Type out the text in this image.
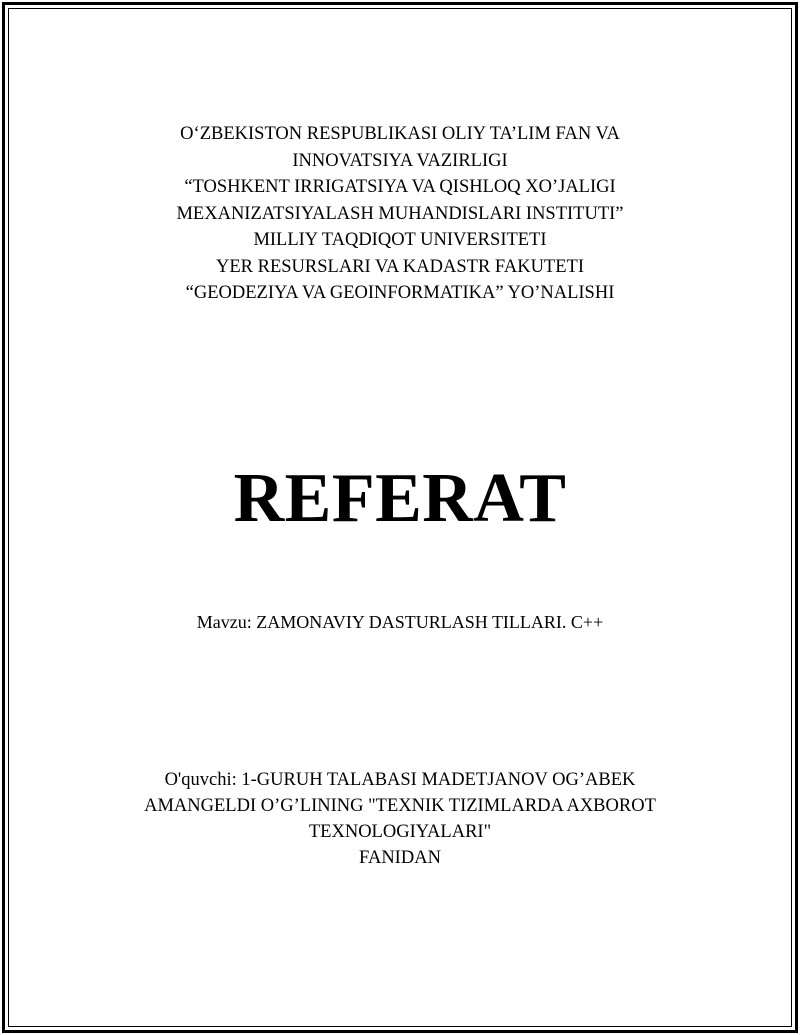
O‘ZBEKISTON RESPUBLIKASI OLIY TA’LIM FAN VA
INNOVATSIYA VAZIRLIGI
“TOSHKENT IRRIGATSIYA VA QISHLOQ XO’JALIGI
MEXANIZATSIYALASH MUHANDISLARI INSTITUTI”
MILLIY TAQDIQOT UNIVERSITETI
YER RESURSLARI VA KADASTR FAKUTETI
“GEODEZIYA VA GEOINFORMATIKA” YO’NALISHI
REFERAT
Mavzu: ZAMONAVIY DASTURLASH TILLARI. C++
O'quvchi: 1-GURUH TALABASI MADETJANOV OG’ABEK
AMANGELDI O’G’LINING "TEXNIK TIZIMLARDA AXBOROT
TEXNOLOGIYALARI"
FANIDAN
